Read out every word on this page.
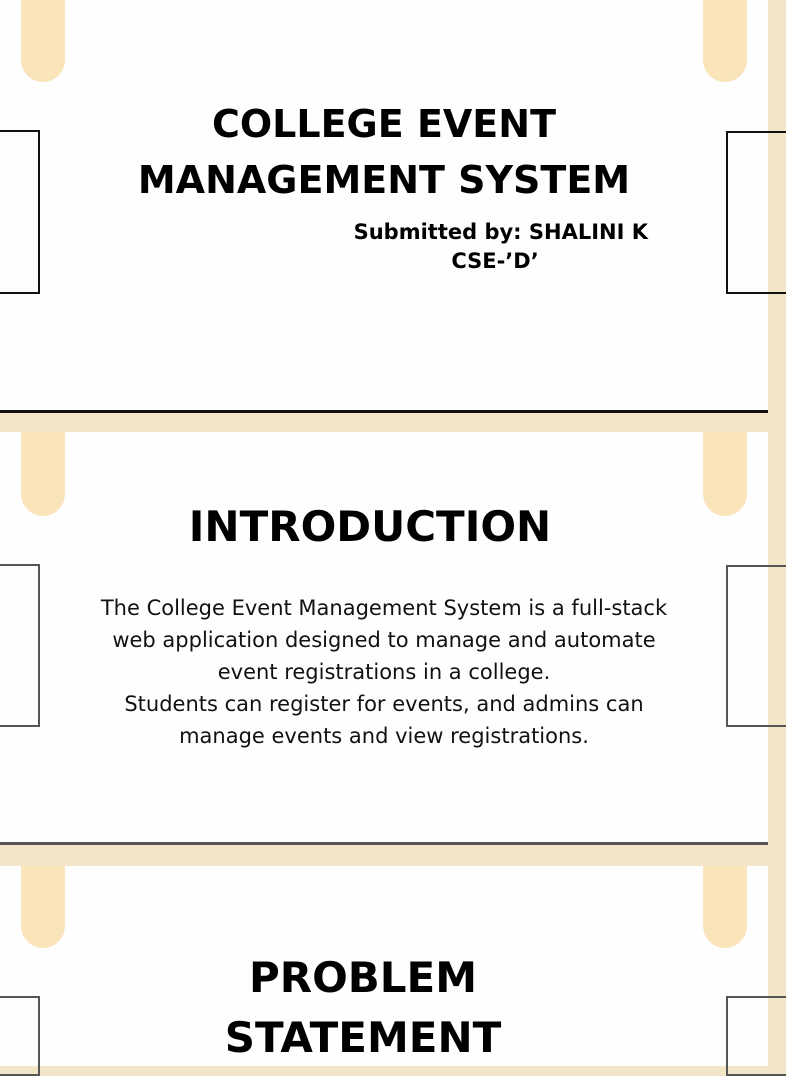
COLLEGE EVENT
MANAGEMENT SYSTEM
Submitted by: SHALINI K
CSE-’D’
INTRODUCTION

The College Event Management System is a full-stack
web application designed to manage and automate
event registrations in a college.
Students can register for events, and admins can
manage events and view registrations.

PROBLEM
STATEMENT
